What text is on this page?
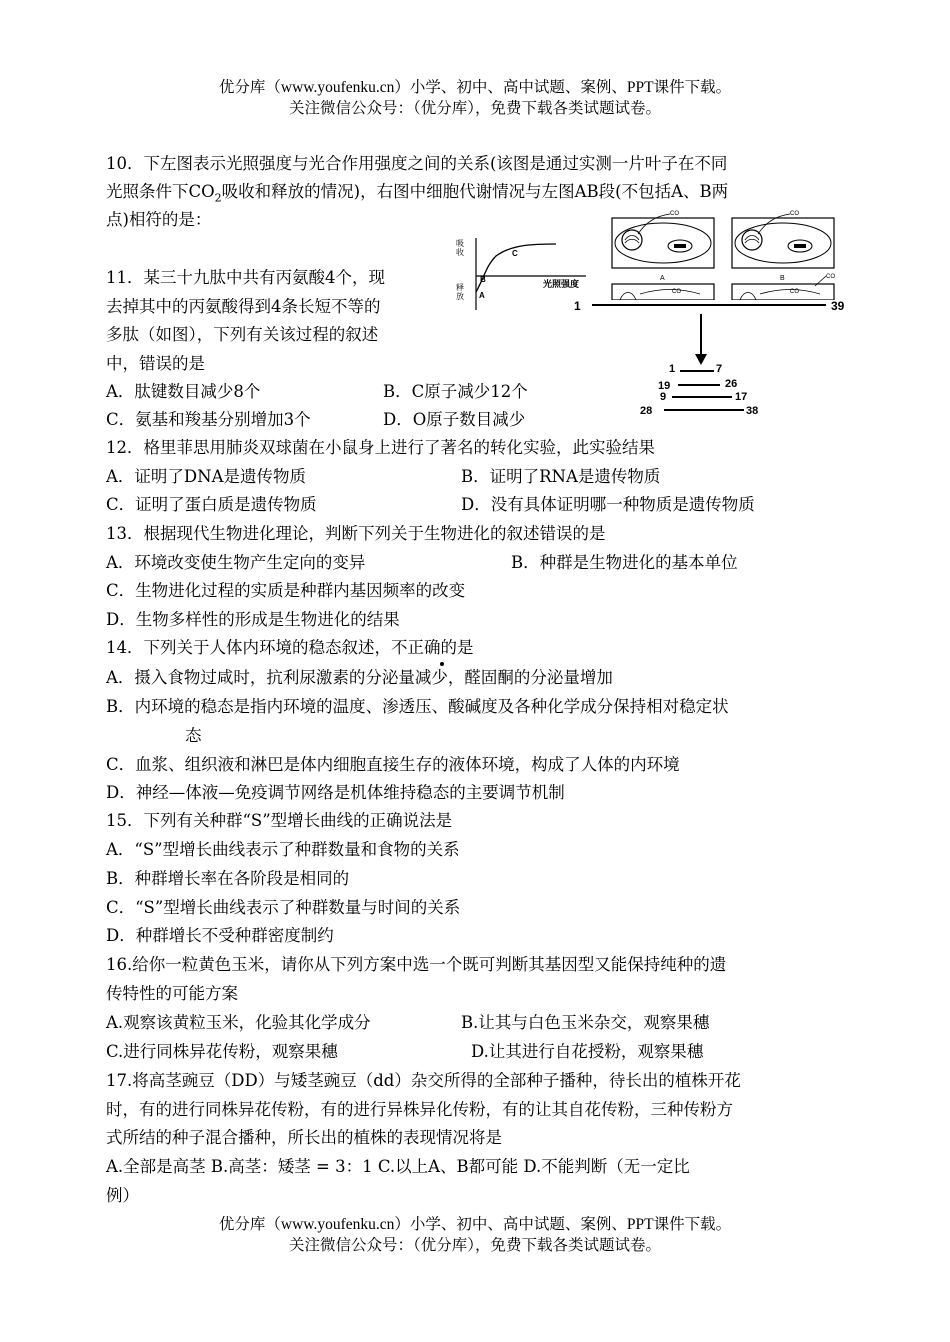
优分库（www.youfenku.cn）小学、初中、高中试题、案例、PPT课件下载。
关注微信公众号：（优分库），免费下载各类试题试卷。
10．下左图表示光照强度与光合作用强度之间的关系(该图是通过实测一片叶子在不同
光照条件下$CO_2$吸收和释放的情况)，右图中细胞代谢情况与左图AB段(不包括A、B两
点)相符的是：
吸
收
释
放
光照强度
A
B
C
CO
A
CO
B
CO	CO
CO
1	39
1	7
19	26
9	17
28	38
11．某三十九肽中共有丙氨酸4个，现
去掉其中的丙氨酸得到4条长短不等的
多肽（如图），下列有关该过程的叙述
中，错误的是
A．肽键数目减少8个	B．C原子减少12个
C．氨基和羧基分别增加3个	D．O原子数目减少
12．格里菲思用肺炎双球菌在小鼠身上进行了著名的转化实验，此实验结果
A．证明了DNA是遗传物质	B．证明了RNA是遗传物质
C．证明了蛋白质是遗传物质	D．没有具体证明哪一种物质是遗传物质
13．根据现代生物进化理论，判断下列关于生物进化的叙述错误的是
A．环境改变使生物产生定向的变异	B．种群是生物进化的基本单位
C．生物进化过程的实质是种群内基因频率的改变
D．生物多样性的形成是生物进化的结果
14．下列关于人体内环境的稳态叙述，不正确的是
A．摄入食物过咸时，抗利尿激素的分泌量减少，醛固酮的分泌量增加
B．内环境的稳态是指内环境的温度、渗透压、酸碱度及各种化学成分保持相对稳定状
态
C．血浆、组织液和淋巴是体内细胞直接生存的液体环境，构成了人体的内环境
D．神经—体液—免疫调节网络是机体维持稳态的主要调节机制
15．下列有关种群“S”型增长曲线的正确说法是
A．“S”型增长曲线表示了种群数量和食物的关系
B．种群增长率在各阶段是相同的
C．“S”型增长曲线表示了种群数量与时间的关系
D．种群增长不受种群密度制约
16.给你一粒黄色玉米，请你从下列方案中选一个既可判断其基因型又能保持纯种的遗
传特性的可能方案
A.观察该黄粒玉米，化验其化学成分	B.让其与白色玉米杂交，观察果穗
C.进行同株异花传粉，观察果穗	D.让其进行自花授粉，观察果穗
17.将高茎豌豆（DD）与矮茎豌豆（dd）杂交所得的全部种子播种，待长出的植株开花
时，有的进行同株异花传粉，有的进行异株异化传粉，有的让其自花传粉，三种传粉方
式所结的种子混合播种，所长出的植株的表现情况将是
A.全部是高茎 B.高茎：矮茎 = 3：1 C.以上A、B都可能 D.不能判断（无一定比
例）
优分库（www.youfenku.cn）小学、初中、高中试题、案例、PPT课件下载。
关注微信公众号：（优分库），免费下载各类试题试卷。
